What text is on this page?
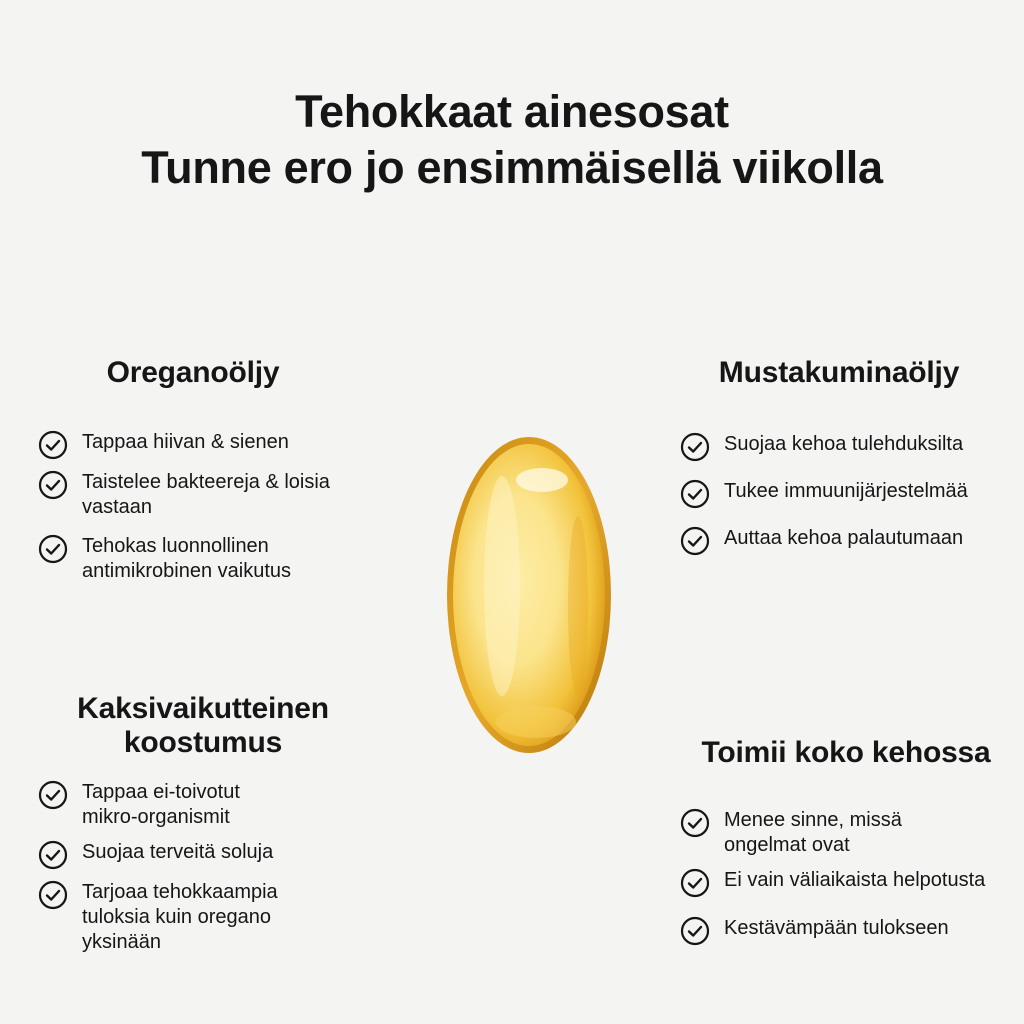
Tehokkaat ainesosat
Tunne ero jo ensimmäisellä viikolla
Oreganoöljy
Tappaa hiivan & sienen
Taistelee bakteereja & loisia
vastaan
Tehokas luonnollinen
antimikrobinen vaikutus
Kaksivaikutteinen
koostumus
Tappaa ei-toivotut
mikro-organismit
Suojaa terveitä soluja
Tarjoaa tehokkaampia
tuloksia kuin oregano
yksinään
Mustakuminaöljy
Suojaa kehoa tulehduksilta
Tukee immuunijärjestelmää
Auttaa kehoa palautumaan
Toimii koko kehossa
Menee sinne, missä
ongelmat ovat
Ei vain väliaikaista helpotusta
Kestävämpään tulokseen
